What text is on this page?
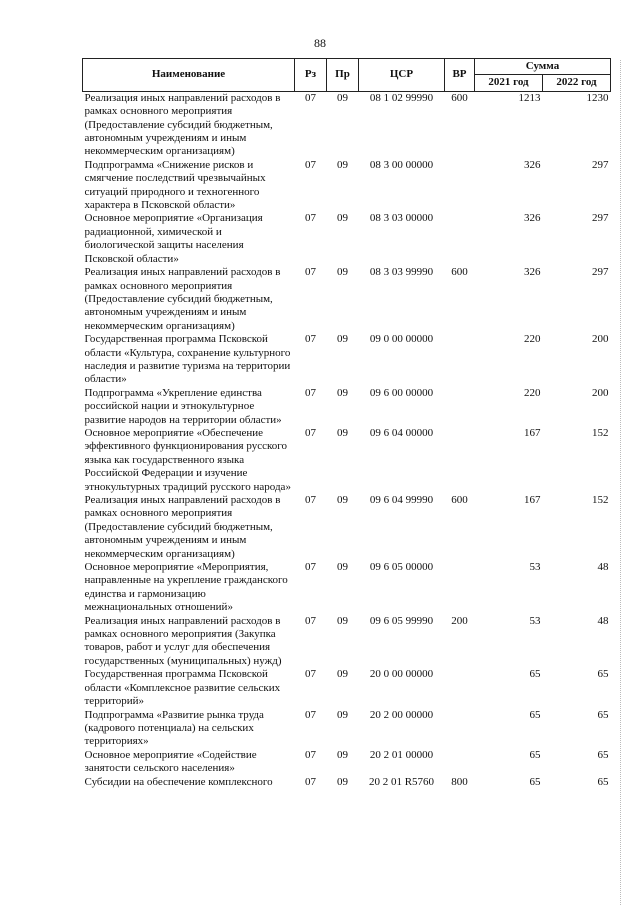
88
Наименование	Рз	Пр	ЦСР	ВР	Сумма	
					2021 год	2022 год
Реализация иных направлений расходов в рамках основного мероприятия (Предоставление субсидий бюджетным, автономным учреждениям и иным некоммерческим организациям)	07	09	08 1 02 99990	600	1213	1230
Подпрограмма «Снижение рисков и смягчение последствий чрезвычайных ситуаций природного и техногенного характера в Псковской области»	07	09	08 3 00 00000		326	297
Основное мероприятие «Организация радиационной, химической и биологической защиты населения Псковской области»	07	09	08 3 03 00000		326	297
Реализация иных направлений расходов в рамках основного мероприятия (Предоставление субсидий бюджетным, автономным учреждениям и иным некоммерческим организациям)	07	09	08 3 03 99990	600	326	297
Государственная программа Псковской области «Культура, сохранение культурного наследия и развитие туризма на территории области»	07	09	09 0 00 00000		220	200
Подпрограмма «Укрепление единства российской нации и этнокультурное развитие народов на территории области»	07	09	09 6 00 00000		220	200
Основное мероприятие «Обеспечение эффективного функционирования русского языка как государственного языка Российской Федерации и изучение этнокультурных традиций русского народа»	07	09	09 6 04 00000		167	152
Реализация иных направлений расходов в рамках основного мероприятия (Предоставление субсидий бюджетным, автономным учреждениям и иным некоммерческим организациям)	07	09	09 6 04 99990	600	167	152
Основное мероприятие «Мероприятия, направленные на укрепление гражданского единства и гармонизацию межнациональных отношений»	07	09	09 6 05 00000		53	48
Реализация иных направлений расходов в рамках основного мероприятия (Закупка товаров, работ и услуг для обеспечения государственных (муниципальных) нужд)	07	09	09 6 05 99990	200	53	48
Государственная программа Псковской области «Комплексное развитие сельских территорий»	07	09	20 0 00 00000		65	65
Подпрограмма «Развитие рынка труда (кадрового потенциала) на сельских территориях»	07	09	20 2 00 00000		65	65
Основное мероприятие «Содействие занятости сельского населения»	07	09	20 2 01 00000		65	65
Субсидии на обеспечение комплексного	07	09	20 2 01 R5760	800	65	65
